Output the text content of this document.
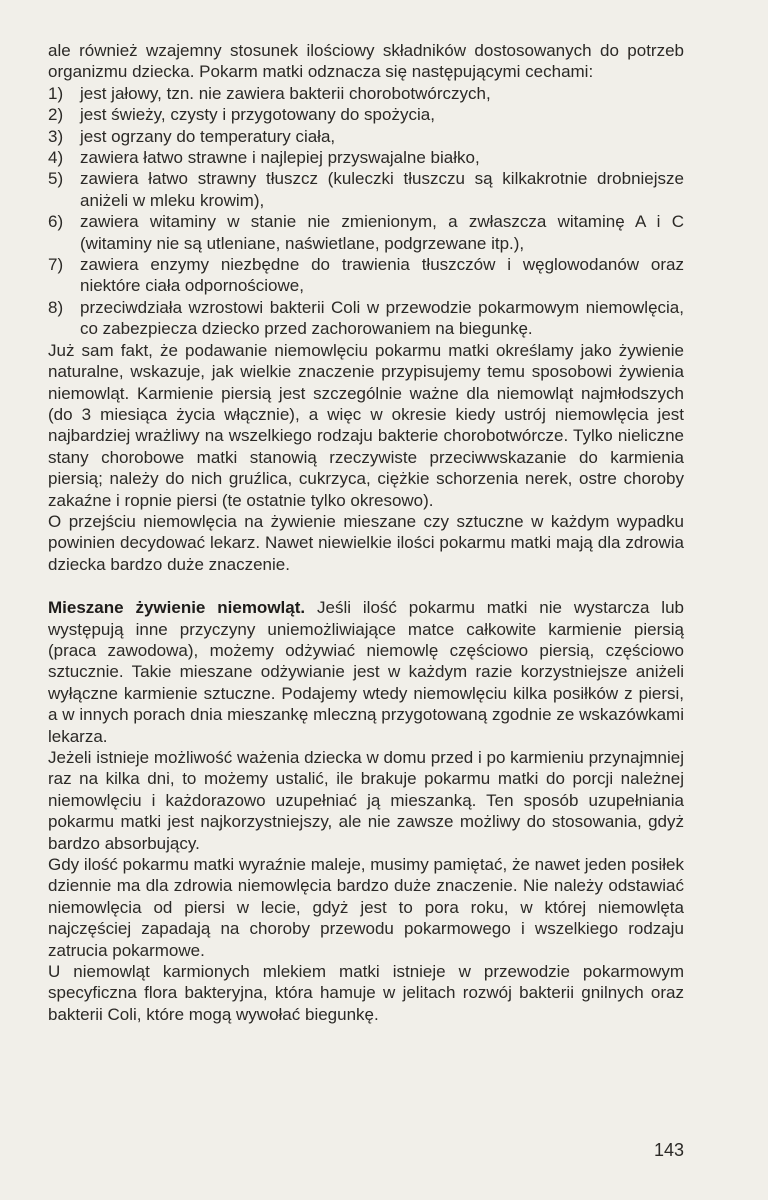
ale również wzajemny stosunek ilościowy składników dostosowanych do potrzeb organizmu dziecka. Pokarm matki odznacza się następującymi cechami:

1) jest jałowy, tzn. nie zawiera bakterii chorobotwórczych,
2) jest świeży, czysty i przygotowany do spożycia,
3) jest ogrzany do temperatury ciała,
4) zawiera łatwo strawne i najlepiej przyswajalne białko,
5) zawiera łatwo strawny tłuszcz (kuleczki tłuszczu są kilkakrotnie drobniejsze aniżeli w mleku krowim),
6) zawiera witaminy w stanie nie zmienionym, a zwłaszcza witaminę A i C (witaminy nie są utleniane, naświetlane, podgrzewane itp.),
7) zawiera enzymy niezbędne do trawienia tłuszczów i węglowodanów oraz niektóre ciała odpornościowe,
8) przeciwdziała wzrostowi bakterii Coli w przewodzie pokarmowym niemowlęcia, co zabezpiecza dziecko przed zachorowaniem na biegunkę.

Już sam fakt, że podawanie niemowlęciu pokarmu matki określamy jako żywienie naturalne, wskazuje, jak wielkie znaczenie przypisujemy temu sposobowi żywienia niemowląt. Karmienie piersią jest szczególnie ważne dla niemowląt najmłodszych (do 3 miesiąca życia włącznie), a więc w okresie kiedy ustrój niemowlęcia jest najbardziej wrażliwy na wszelkiego rodzaju bakterie chorobotwórcze. Tylko nieliczne stany chorobowe matki stanowią rzeczywiste przeciwwskazanie do karmienia piersią; należy do nich gruźlica, cukrzyca, ciężkie schorzenia nerek, ostre choroby zakaźne i ropnie piersi (te ostatnie tylko okresowo).

O przejściu niemowlęcia na żywienie mieszane czy sztuczne w każdym wypadku powinien decydować lekarz. Nawet niewielkie ilości pokarmu matki mają dla zdrowia dziecka bardzo duże znaczenie.

Mieszane żywienie niemowląt. Jeśli ilość pokarmu matki nie wystarcza lub występują inne przyczyny uniemożliwiające matce całkowite karmienie piersią (praca zawodowa), możemy odżywiać niemowlę częściowo piersią, częściowo sztucznie. Takie mieszane odżywianie jest w każdym razie korzystniejsze aniżeli wyłączne karmienie sztuczne. Podajemy wtedy niemowlęciu kilka posiłków z piersi, a w innych porach dnia mieszankę mleczną przygotowaną zgodnie ze wskazówkami lekarza.

Jeżeli istnieje możliwość ważenia dziecka w domu przed i po karmieniu przynajmniej raz na kilka dni, to możemy ustalić, ile brakuje pokarmu matki do porcji należnej niemowlęciu i każdorazowo uzupełniać ją mieszanką. Ten sposób uzupełniania pokarmu matki jest najkorzystniejszy, ale nie zawsze możliwy do stosowania, gdyż bardzo absorbujący.

Gdy ilość pokarmu matki wyraźnie maleje, musimy pamiętać, że nawet jeden posiłek dziennie ma dla zdrowia niemowlęcia bardzo duże znaczenie. Nie należy odstawiać niemowlęcia od piersi w lecie, gdyż jest to pora roku, w której niemowlęta najczęściej zapadają na choroby przewodu pokarmowego i wszelkiego rodzaju zatrucia pokarmowe.

U niemowląt karmionych mlekiem matki istnieje w przewodzie pokarmowym specyficzna flora bakteryjna, która hamuje w jelitach rozwój bakterii gnilnych oraz bakterii Coli, które mogą wywołać biegunkę.

143
